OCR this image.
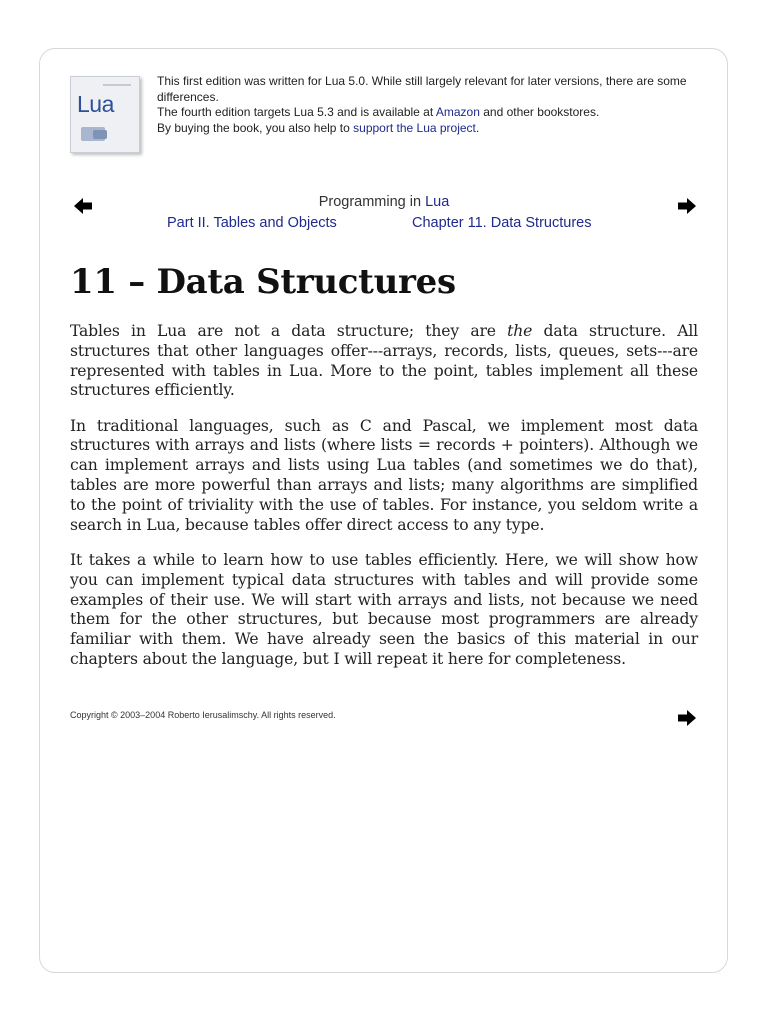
Lua

This first edition was written for Lua 5.0. While still largely relevant for later versions, there are some differences.

The fourth edition targets Lua 5.3 and is available at Amazon and other bookstores.

By buying the book, you also help to support the Lua project.

Programming in Lua
Part II. Tables and Objects	Chapter 11. Data Structures
11 – Data Structures

Tables in Lua are not a data structure; they are the data structure. All structures that other languages offer---arrays, records, lists, queues, sets---are represented with tables in Lua. More to the point, tables implement all these structures efficiently.

In traditional languages, such as C and Pascal, we implement most data structures with arrays and lists (where lists = records + pointers). Although we can implement arrays and lists using Lua tables (and sometimes we do that), tables are more powerful than arrays and lists; many algorithms are simplified to the point of triviality with the use of tables. For instance, you seldom write a search in Lua, because tables offer direct access to any type.

It takes a while to learn how to use tables efficiently. Here, we will show how you can implement typical data structures with tables and will provide some examples of their use. We will start with arrays and lists, not because we need them for the other structures, but because most programmers are already familiar with them. We have already seen the basics of this material in our chapters about the language, but I will repeat it here for completeness.

Copyright © 2003–2004 Roberto Ierusalimschy. All rights reserved.
